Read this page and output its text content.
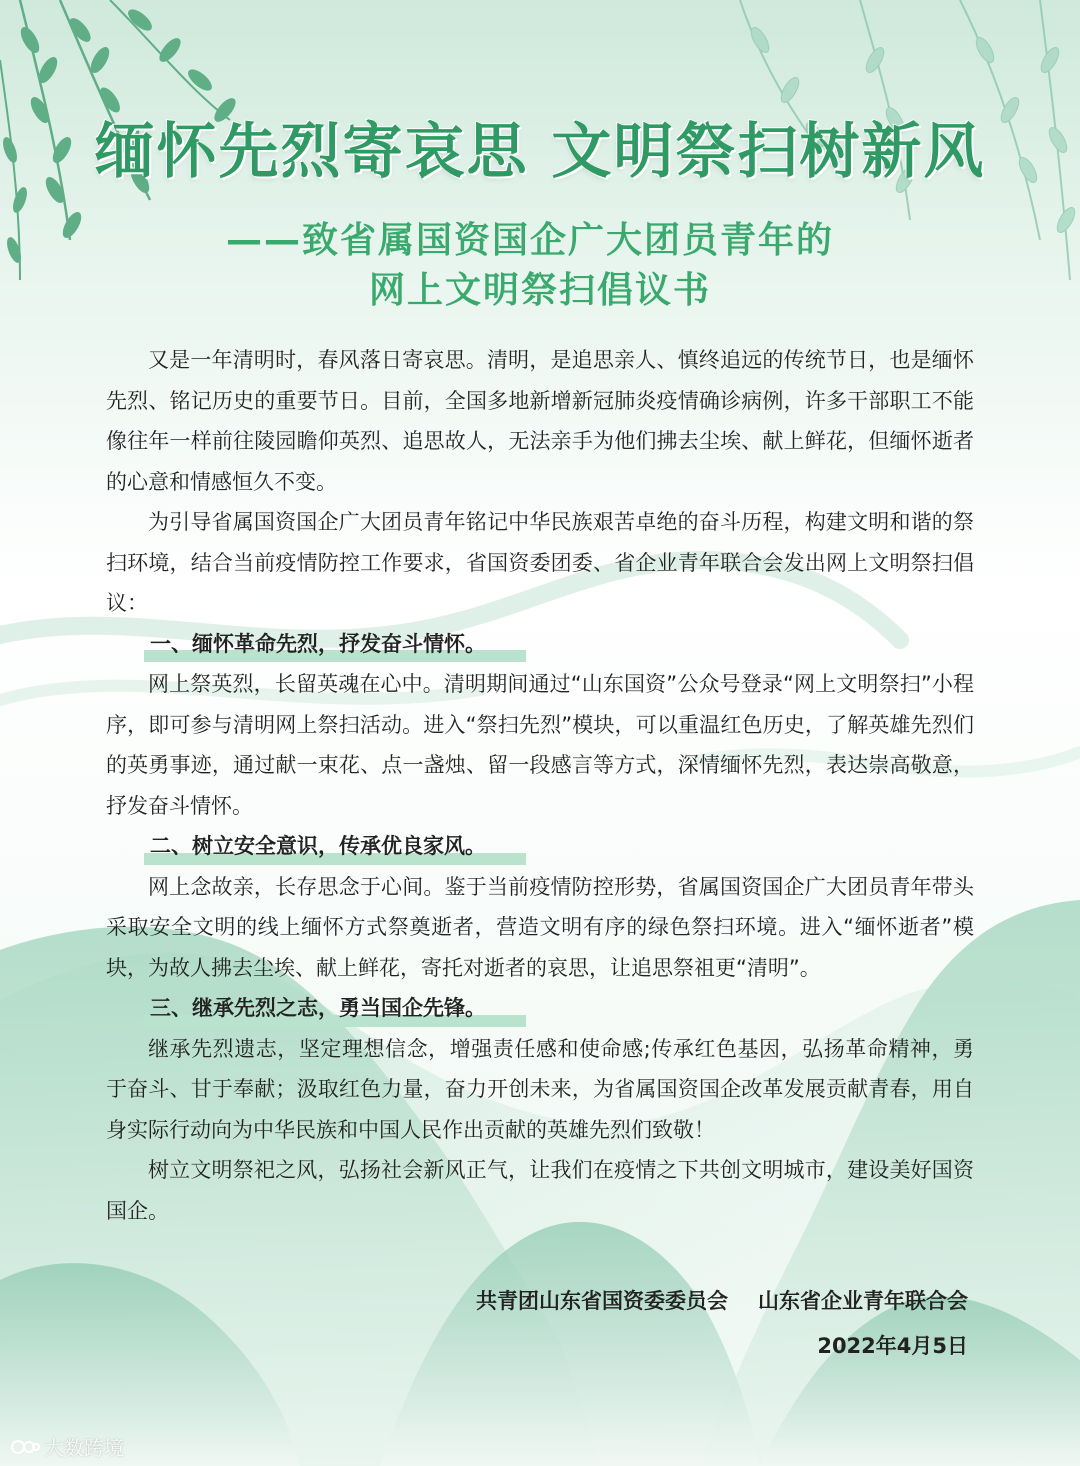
缅怀先烈寄哀思 文明祭扫树新风
——致省属国资国企广大团员青年的
网上文明祭扫倡议书

又是一年清明时，春风落日寄哀思。清明，是追思亲人、慎终追远的传统节日，也是缅怀先烈、铭记历史的重要节日。目前，全国多地新增新冠肺炎疫情确诊病例，许多干部职工不能像往年一样前往陵园瞻仰英烈、追思故人，无法亲手为他们拂去尘埃、献上鲜花，但缅怀逝者的心意和情感恒久不变。

为引导省属国资国企广大团员青年铭记中华民族艰苦卓绝的奋斗历程，构建文明和谐的祭扫环境，结合当前疫情防控工作要求，省国资委团委、省企业青年联合会发出网上文明祭扫倡议：

一、缅怀革命先烈，抒发奋斗情怀。

网上祭英烈，长留英魂在心中。清明期间通过“山东国资”公众号登录“网上文明祭扫”小程序，即可参与清明网上祭扫活动。进入“祭扫先烈”模块，可以重温红色历史，了解英雄先烈们的英勇事迹，通过献一束花、点一盏烛、留一段感言等方式，深情缅怀先烈，表达崇高敬意，抒发奋斗情怀。

二、树立安全意识，传承优良家风。

网上念故亲，长存思念于心间。鉴于当前疫情防控形势，省属国资国企广大团员青年带头采取安全文明的线上缅怀方式祭奠逝者，营造文明有序的绿色祭扫环境。进入“缅怀逝者”模块，为故人拂去尘埃、献上鲜花，寄托对逝者的哀思，让追思祭祖更“清明”。

三、继承先烈之志，勇当国企先锋。

继承先烈遗志，坚定理想信念，增强责任感和使命感;传承红色基因，弘扬革命精神，勇于奋斗、甘于奉献；汲取红色力量，奋力开创未来，为省属国资国企改革发展贡献青春，用自身实际行动向为中华民族和中国人民作出贡献的英雄先烈们致敬！

树立文明祭祀之风，弘扬社会新风正气，让我们在疫情之下共创文明城市，建设美好国资国企。

共青团山东省国资委委员会 山东省企业青年联合会
2022年4月5日
大数跨境
